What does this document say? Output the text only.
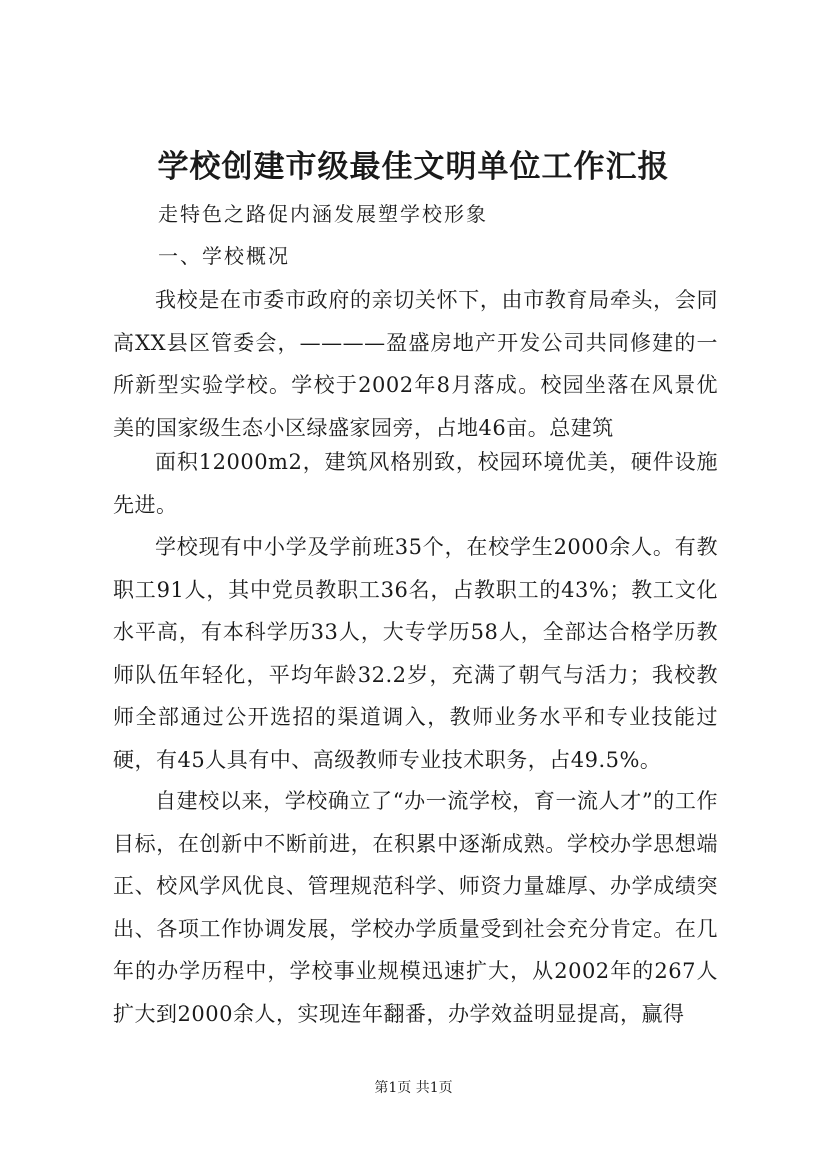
学校创建市级最佳文明单位工作汇报

走特色之路促内涵发展塑学校形象

一、学校概况

我校是在市委市政府的亲切关怀下，由市教育局牵头，会同高XX县区管委会，————盈盛房地产开发公司共同修建的一所新型实验学校。学校于2002年8月落成。校园坐落在风景优美的国家级生态小区绿盛家园旁，占地46亩。总建筑

面积12000m2，建筑风格别致，校园环境优美，硬件设施先进。

学校现有中小学及学前班35个，在校学生2000余人。有教职工91人，其中党员教职工36名，占教职工的43%；教工文化水平高，有本科学历33人，大专学历58人，全部达合格学历教师队伍年轻化，平均年龄32.2岁，充满了朝气与活力；我校教师全部通过公开选招的渠道调入，教师业务水平和专业技能过硬，有45人具有中、高级教师专业技术职务，占49.5%。

自建校以来，学校确立了“办一流学校，育一流人才”的工作目标，在创新中不断前进，在积累中逐渐成熟。学校办学思想端正、校风学风优良、管理规范科学、师资力量雄厚、办学成绩突出、各项工作协调发展，学校办学质量受到社会充分肯定。在几年的办学历程中，学校事业规模迅速扩大，从2002年的267人扩大到2000余人，实现连年翻番，办学效益明显提高，赢得

第1页 共1页
